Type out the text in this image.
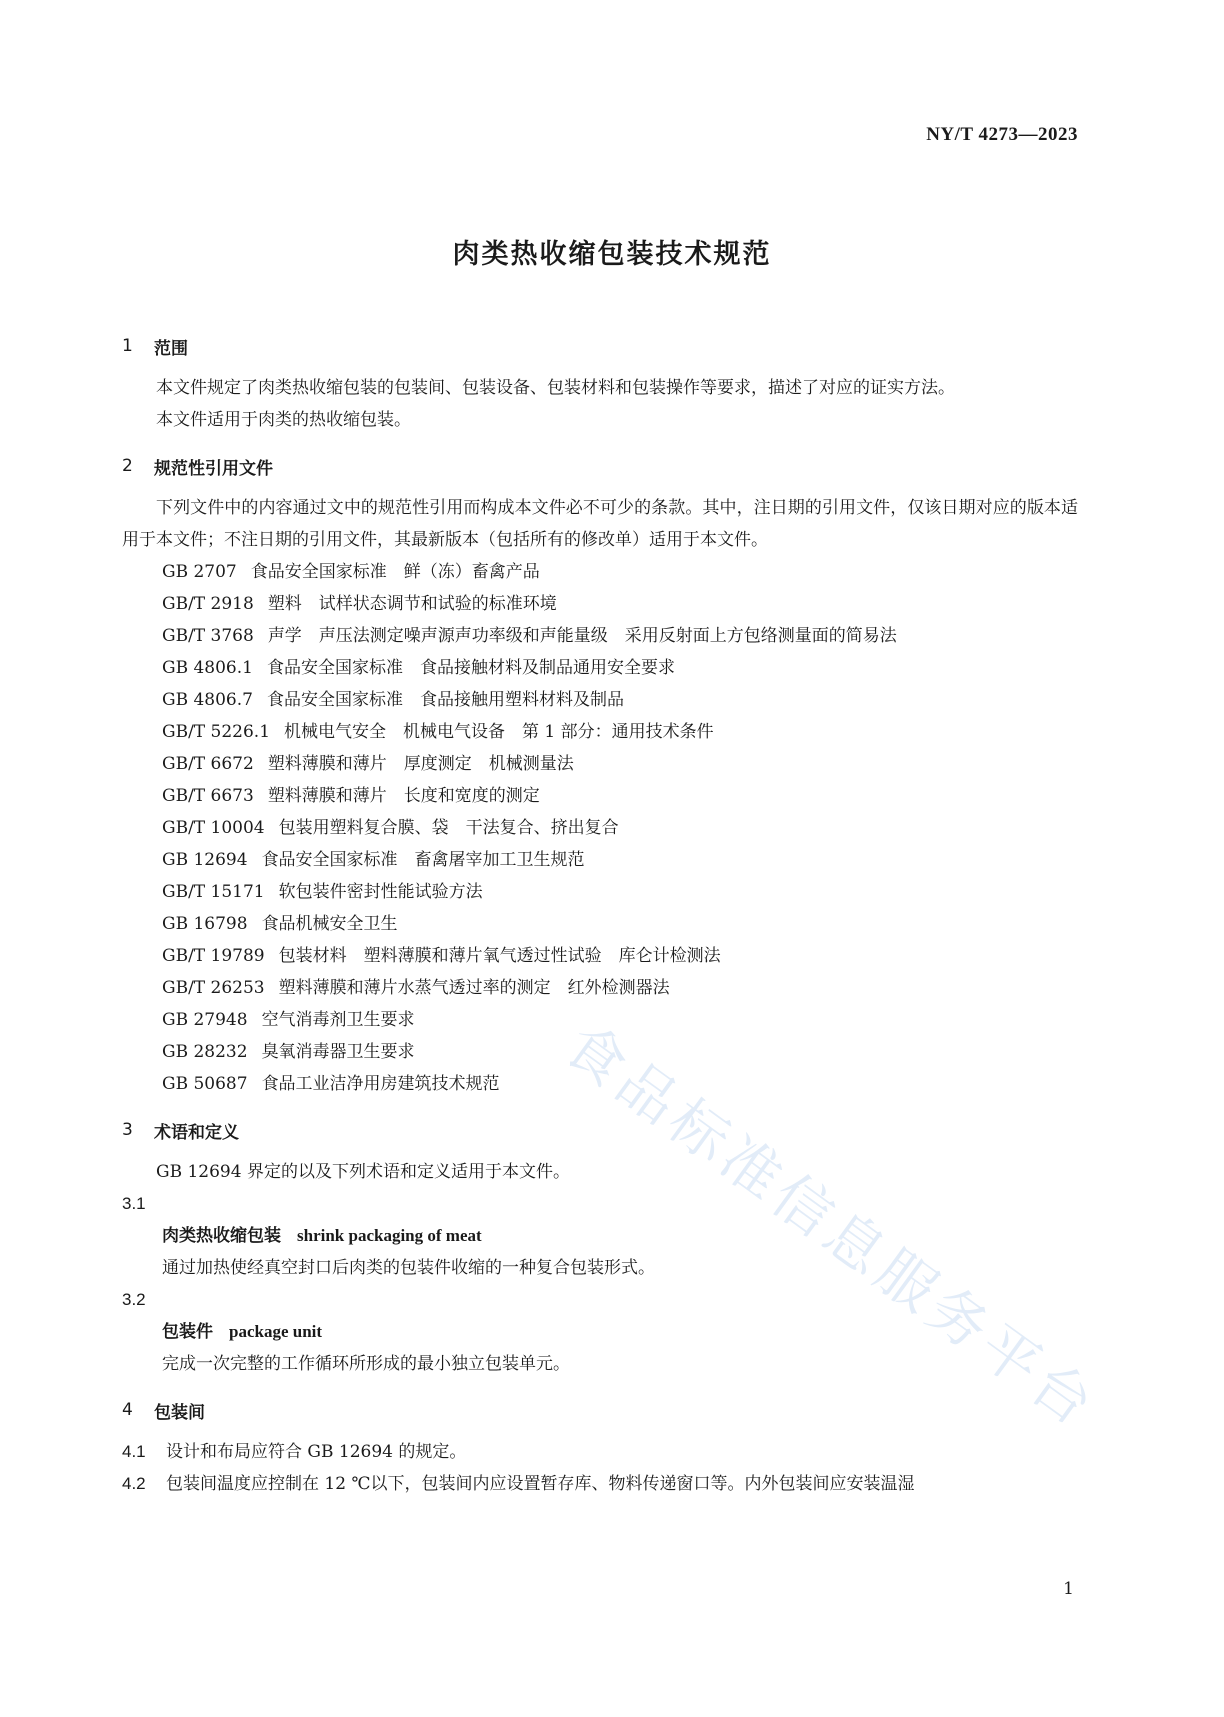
NY/T 4273—2023
肉类热收缩包装技术规范
1	范围
本文件规定了肉类热收缩包装的包装间、包装设备、包装材料和包装操作等要求，描述了对应的证实方法。
本文件适用于肉类的热收缩包装。
2	规范性引用文件
下列文件中的内容通过文中的规范性引用而构成本文件必不可少的条款。其中，注日期的引用文件，仅该日期对应的版本适用于本文件；不注日期的引用文件，其最新版本（包括所有的修改单）适用于本文件。
GB 2707 食品安全国家标准　鲜（冻）畜禽产品
GB/T 2918 塑料　试样状态调节和试验的标准环境
GB/T 3768 声学　声压法测定噪声源声功率级和声能量级　采用反射面上方包络测量面的简易法
GB 4806.1 食品安全国家标准　食品接触材料及制品通用安全要求
GB 4806.7 食品安全国家标准　食品接触用塑料材料及制品
GB/T 5226.1 机械电气安全　机械电气设备　第 1 部分：通用技术条件
GB/T 6672 塑料薄膜和薄片　厚度测定　机械测量法
GB/T 6673 塑料薄膜和薄片　长度和宽度的测定
GB/T 10004 包装用塑料复合膜、袋　干法复合、挤出复合
GB 12694 食品安全国家标准　畜禽屠宰加工卫生规范
GB/T 15171 软包装件密封性能试验方法
GB 16798 食品机械安全卫生
GB/T 19789 包装材料　塑料薄膜和薄片氧气透过性试验　库仑计检测法
GB/T 26253 塑料薄膜和薄片水蒸气透过率的测定　红外检测器法
GB 27948 空气消毒剂卫生要求
GB 28232 臭氧消毒器卫生要求
GB 50687 食品工业洁净用房建筑技术规范
3	术语和定义
GB 12694 界定的以及下列术语和定义适用于本文件。
3.1
肉类热收缩包装 shrink packaging of meat
通过加热使经真空封口后肉类的包装件收缩的一种复合包装形式。
3.2
包装件 package unit
完成一次完整的工作循环所形成的最小独立包装单元。
4	包装间
4.1 设计和布局应符合 GB 12694 的规定。
4.2 包装间温度应控制在 12 ℃以下，包装间内应设置暂存库、物料传递窗口等。内外包装间应安装温湿
食品标准信息服务平台
1
